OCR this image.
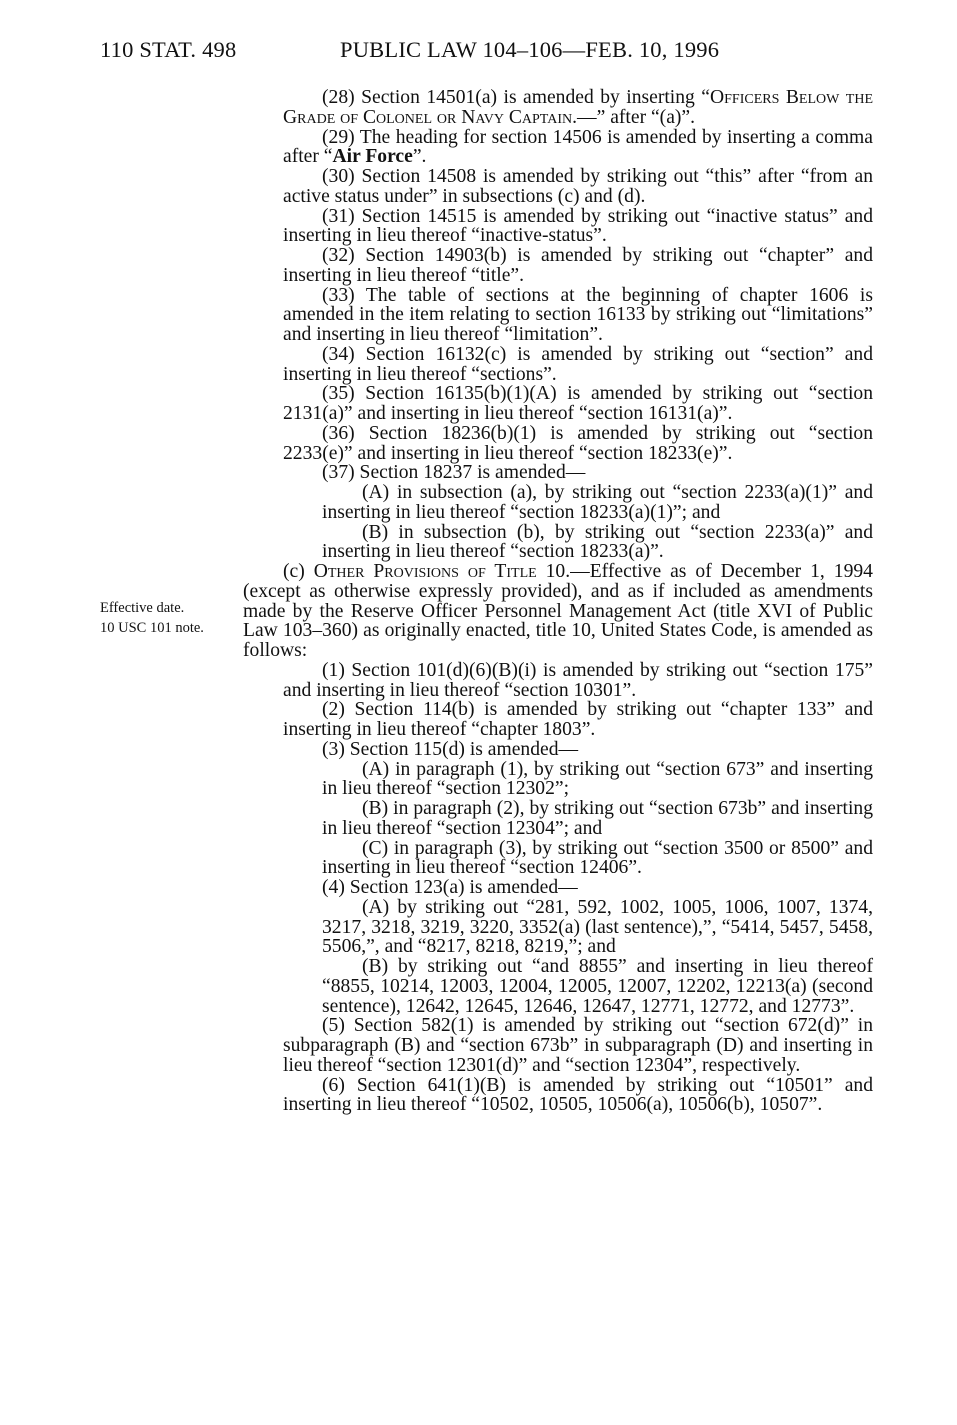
110 STAT. 498	PUBLIC LAW 104–106—FEB. 10, 1996
Effective date.
10 USC 101 note.

(28) Section 14501(a) is amended by inserting “Officers Below the Grade of Colonel or Navy Captain.—” after “(a)”.

(29) The heading for section 14506 is amended by inserting a comma after “Air Force”.

(30) Section 14508 is amended by striking out “this” after “from an active status under” in subsections (c) and (d).

(31) Section 14515 is amended by striking out “inactive status” and inserting in lieu thereof “inactive-status”.

(32) Section 14903(b) is amended by striking out “chapter” and inserting in lieu thereof “title”.

(33) The table of sections at the beginning of chapter 1606 is amended in the item relating to section 16133 by striking out “limitations” and inserting in lieu thereof “limitation”.

(34) Section 16132(c) is amended by striking out “section” and inserting in lieu thereof “sections”.

(35) Section 16135(b)(1)(A) is amended by striking out “section 2131(a)” and inserting in lieu thereof “section 16131(a)”.

(36) Section 18236(b)(1) is amended by striking out “section 2233(e)” and inserting in lieu thereof “section 18233(e)”.

(37) Section 18237 is amended—

(A) in subsection (a), by striking out “section 2233(a)(1)” and inserting in lieu thereof “section 18233(a)(1)”; and

(B) in subsection (b), by striking out “section 2233(a)” and inserting in lieu thereof “section 18233(a)”.

(c) Other Provisions of Title 10.—Effective as of December 1, 1994 (except as otherwise expressly provided), and as if included as amendments made by the Reserve Officer Personnel Management Act (title XVI of Public Law 103–360) as originally enacted, title 10, United States Code, is amended as follows:

(1) Section 101(d)(6)(B)(i) is amended by striking out “section 175” and inserting in lieu thereof “section 10301”.

(2) Section 114(b) is amended by striking out “chapter 133” and inserting in lieu thereof “chapter 1803”.

(3) Section 115(d) is amended—

(A) in paragraph (1), by striking out “section 673” and inserting in lieu thereof “section 12302”;

(B) in paragraph (2), by striking out “section 673b” and inserting in lieu thereof “section 12304”; and

(C) in paragraph (3), by striking out “section 3500 or 8500” and inserting in lieu thereof “section 12406”.

(4) Section 123(a) is amended—

(A) by striking out “281, 592, 1002, 1005, 1006, 1007, 1374, 3217, 3218, 3219, 3220, 3352(a) (last sentence),”, “5414, 5457, 5458, 5506,”, and “8217, 8218, 8219,”; and

(B) by striking out “and 8855” and inserting in lieu thereof “8855, 10214, 12003, 12004, 12005, 12007, 12202, 12213(a) (second sentence), 12642, 12645, 12646, 12647, 12771, 12772, and 12773”.

(5) Section 582(1) is amended by striking out “section 672(d)” in subparagraph (B) and “section 673b” in subparagraph (D) and inserting in lieu thereof “section 12301(d)” and “section 12304”, respectively.

(6) Section 641(1)(B) is amended by striking out “10501” and inserting in lieu thereof “10502, 10505, 10506(a), 10506(b), 10507”.
